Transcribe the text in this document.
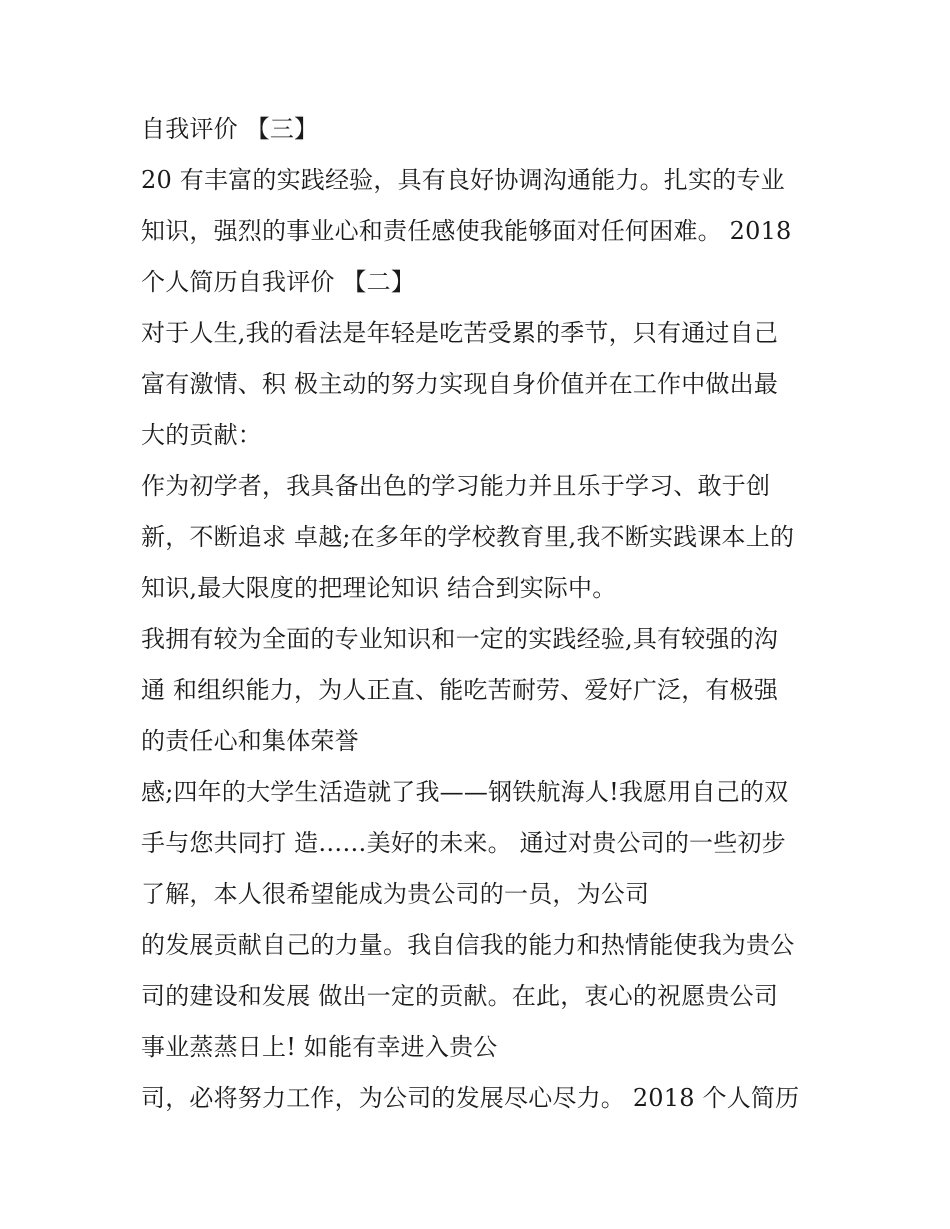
自我评价 【三】
20 有丰富的实践经验，具有良好协调沟通能力。扎实的专业
知识，强烈的事业心和责任感使我能够面对任何困难。 2018
个人简历自我评价 【二】
对于人生,我的看法是年轻是吃苦受累的季节，只有通过自己
富有激情、积 极主动的努力实现自身价值并在工作中做出最
大的贡献：
作为初学者，我具备出色的学习能力并且乐于学习、敢于创
新，不断追求 卓越;在多年的学校教育里,我不断实践课本上的
知识,最大限度的把理论知识 结合到实际中。
我拥有较为全面的专业知识和一定的实践经验,具有较强的沟
通 和组织能力，为人正直、能吃苦耐劳、爱好广泛，有极强
的责任心和集体荣誉
感;四年的大学生活造就了我——钢铁航海人!我愿用自己的双
手与您共同打 造……美好的未来。 通过对贵公司的一些初步
了解，本人很希望能成为贵公司的一员，为公司
的发展贡献自己的力量。我自信我的能力和热情能使我为贵公
司的建设和发展 做出一定的贡献。在此，衷心的祝愿贵公司
事业蒸蒸日上! 如能有幸进入贵公
司，必将努力工作，为公司的发展尽心尽力。 2018 个人简历
